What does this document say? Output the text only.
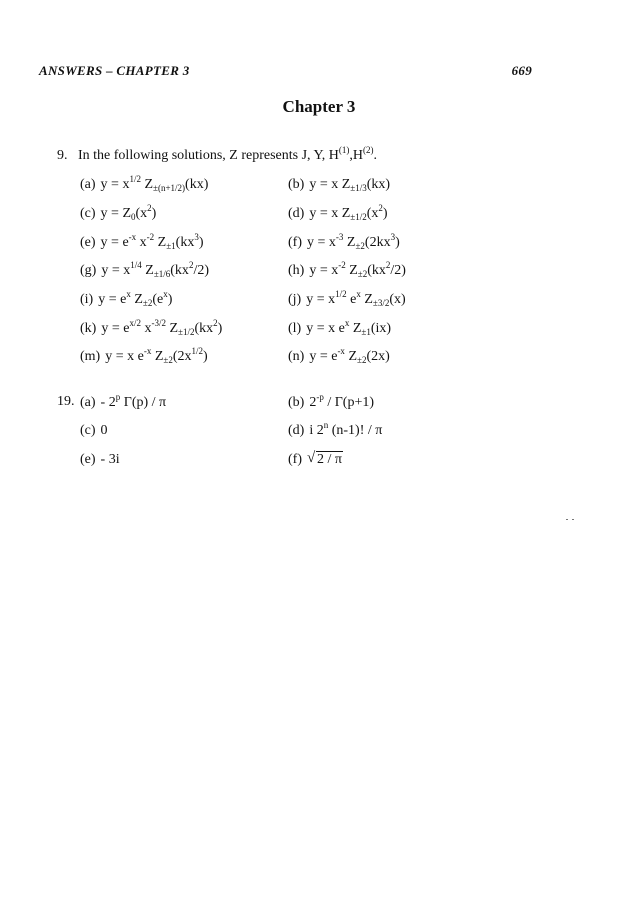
ANSWERS – CHAPTER 3	669
Chapter 3
9. In the following solutions, Z represents J, Y, $H^{(1)},H^{(2)}$.
(a) $y = x^{1/2}$ $Z_{\pm(n+1/2)}(kx)$	(b) y = x $Z_{\pm 1/3}(kx)$
(c) $y = Z_0(x^2)$	(d) y = x $Z_{\pm 1/2}(x^2)$
(e) $y = e^{-x}$ $x^{-2}$ $Z_{\pm 1}(kx^3)$	(f) $y = x^{-3}$ $Z_{\pm 2}(2kx^3)$
(g) $y = x^{1/4}$ $Z_{\pm 1/6}(kx^2/2)$	(h) $y = x^{-2}$ $Z_{\pm 2}(kx^2/2)$
(i) $y = e^x$ $Z_{\pm 2}(e^x)$	(j) $y = x^{1/2}$ $e^x$ $Z_{\pm 3/2}(x)$
(k) $y = e^{x/2}$ $x^{-3/2}$ $Z_{\pm 1/2}(kx^2)$	(l) y = x $e^x$ $Z_{\pm 1}(ix)$
(m) y = x $e^{-x}$ $Z_{\pm 2}(2x^{1/2})$	(n) $y = e^{-x}$ $Z_{\pm 2}(2x)$
19. (a) - 2$^p$ Γ(p) / π	(b) $2^{-p} / \Gamma(p+1)$
(c) 0	(d) i 2$^n$ (n-1)! / π
(e) - 3i	(f) √ 2 / π
